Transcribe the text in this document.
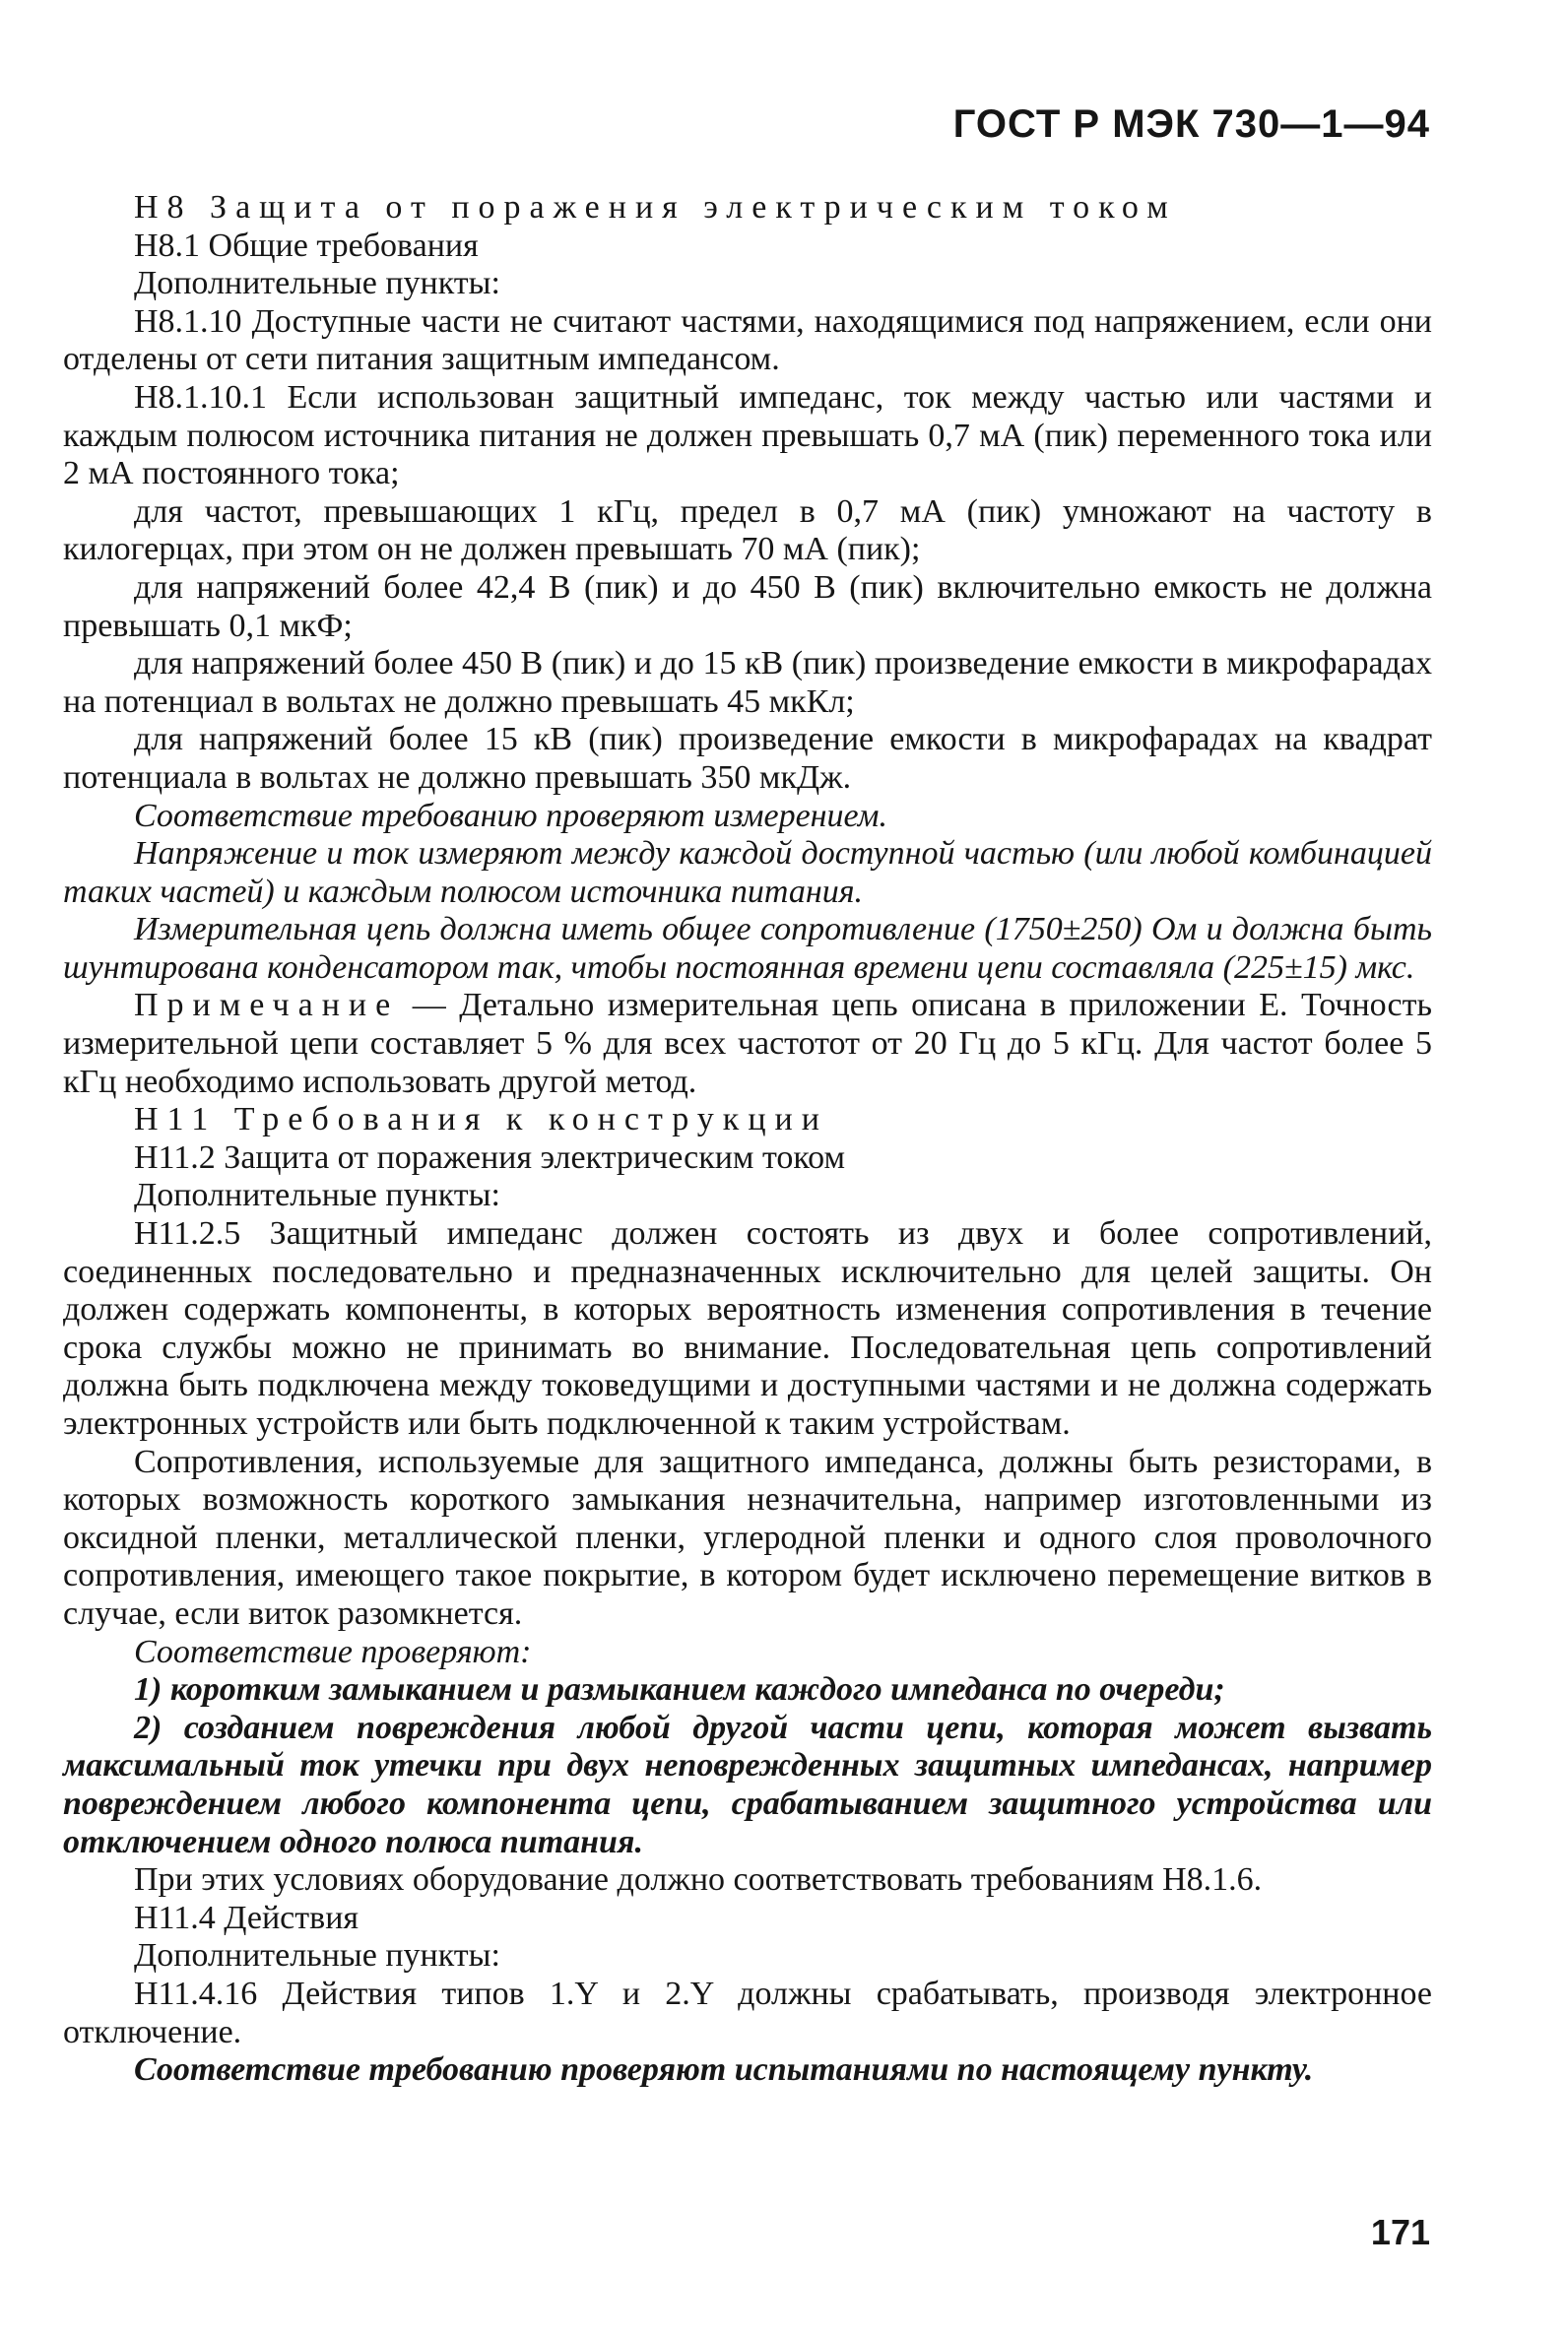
ГОСТ Р МЭК 730—1—94

H8 Защита от поражения электрическим током

H8.1 Общие требования

Дополнительные пункты:

H8.1.10 Доступные части не считают частями, находящимися под напряжением, если они отделены от сети питания защитным импедансом.

H8.1.10.1 Если использован защитный импеданс, ток между частью или частями и каждым полюсом источника питания не должен превышать 0,7 мА (пик) переменного тока или 2 мА постоянного тока;

для частот, превышающих 1 кГц, предел в 0,7 мА (пик) умножают на частоту в килогерцах, при этом он не должен превышать 70 мА (пик);

для напряжений более 42,4 В (пик) и до 450 В (пик) включительно емкость не должна превышать 0,1 мкФ;

для напряжений более 450 В (пик) и до 15 кВ (пик) произведение емкости в микрофарадах на потенциал в вольтах не должно превышать 45 мкКл;

для напряжений более 15 кВ (пик) произведение емкости в микрофарадах на квадрат потенциала в вольтах не должно превышать 350 мкДж.

Соответствие требованию проверяют измерением.

Напряжение и ток измеряют между каждой доступной частью (или любой комбинацией таких частей) и каждым полюсом источника питания.

Измерительная цепь должна иметь общее сопротивление (1750±250) Ом и должна быть шунтирована конденсатором так, чтобы постоянная времени цепи составляла (225±15) мкс.

Примечание — Детально измерительная цепь описана в приложении Е. Точность измерительной цепи составляет 5 % для всех частотот от 20 Гц до 5 кГц. Для частот более 5 кГц необходимо использовать другой метод.

H11 Требования к конструкции

H11.2 Защита от поражения электрическим током

Дополнительные пункты:

H11.2.5 Защитный импеданс должен состоять из двух и более сопротивлений, соединенных последовательно и предназначенных исключительно для целей защиты. Он должен содержать компоненты, в которых вероятность изменения сопротивления в течение срока службы можно не принимать во внимание. Последовательная цепь сопротивлений должна быть подключена между токоведущими и доступными частями и не должна содержать электронных устройств или быть подключенной к таким устройствам.

Сопротивления, используемые для защитного импеданса, должны быть резисторами, в которых возможность короткого замыкания незначительна, например изготовленными из оксидной пленки, металлической пленки, углеродной пленки и одного слоя проволочного сопротивления, имеющего такое покрытие, в котором будет исключено перемещение витков в случае, если виток разомкнется.

Соответствие проверяют:

1) коротким замыканием и размыканием каждого импеданса по очереди;

2) созданием повреждения любой другой части цепи, которая может вызвать максимальный ток утечки при двух неповрежденных защитных импедансах, например повреждением любого компонента цепи, срабатыванием защитного устройства или отключением одного полюса питания.

При этих условиях оборудование должно соответствовать требованиям H8.1.6.

H11.4 Действия

Дополнительные пункты:

H11.4.16 Действия типов 1.Y и 2.Y должны срабатывать, производя электронное отключение.

Соответствие требованию проверяют испытаниями по настоящему пункту.

171
